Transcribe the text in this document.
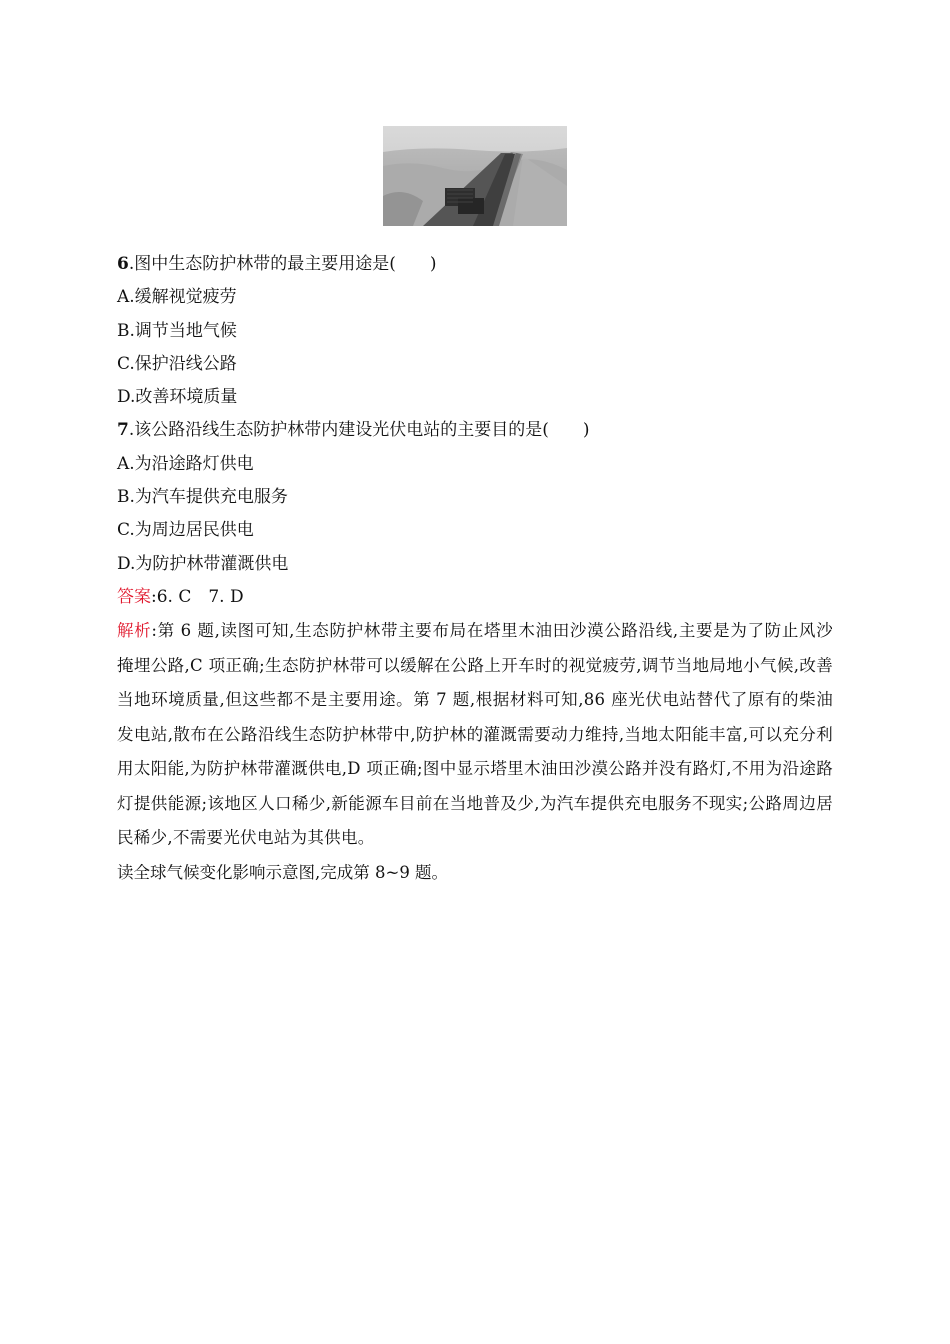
6.图中生态防护林带的最主要用途是(　　)
A.缓解视觉疲劳
B.调节当地气候
C.保护沿线公路
D.改善环境质量
7.该公路沿线生态防护林带内建设光伏电站的主要目的是(　　)
A.为沿途路灯供电
B.为汽车提供充电服务
C.为周边居民供电
D.为防护林带灌溉供电
答案:6. C　7. D
解析:第 6 题,读图可知,生态防护林带主要布局在塔里木油田沙漠公路沿线,主要是为了防止风沙掩埋公路,C 项正确;生态防护林带可以缓解在公路上开车时的视觉疲劳,调节当地局地小气候,改善当地环境质量,但这些都不是主要用途。第 7 题,根据材料可知,86 座光伏电站替代了原有的柴油发电站,散布在公路沿线生态防护林带中,防护林的灌溉需要动力维持,当地太阳能丰富,可以充分利用太阳能,为防护林带灌溉供电,D 项正确;图中显示塔里木油田沙漠公路并没有路灯,不用为沿途路灯提供能源;该地区人口稀少,新能源车目前在当地普及少,为汽车提供充电服务不现实;公路周边居民稀少,不需要光伏电站为其供电。
读全球气候变化影响示意图,完成第 8~9 题。
